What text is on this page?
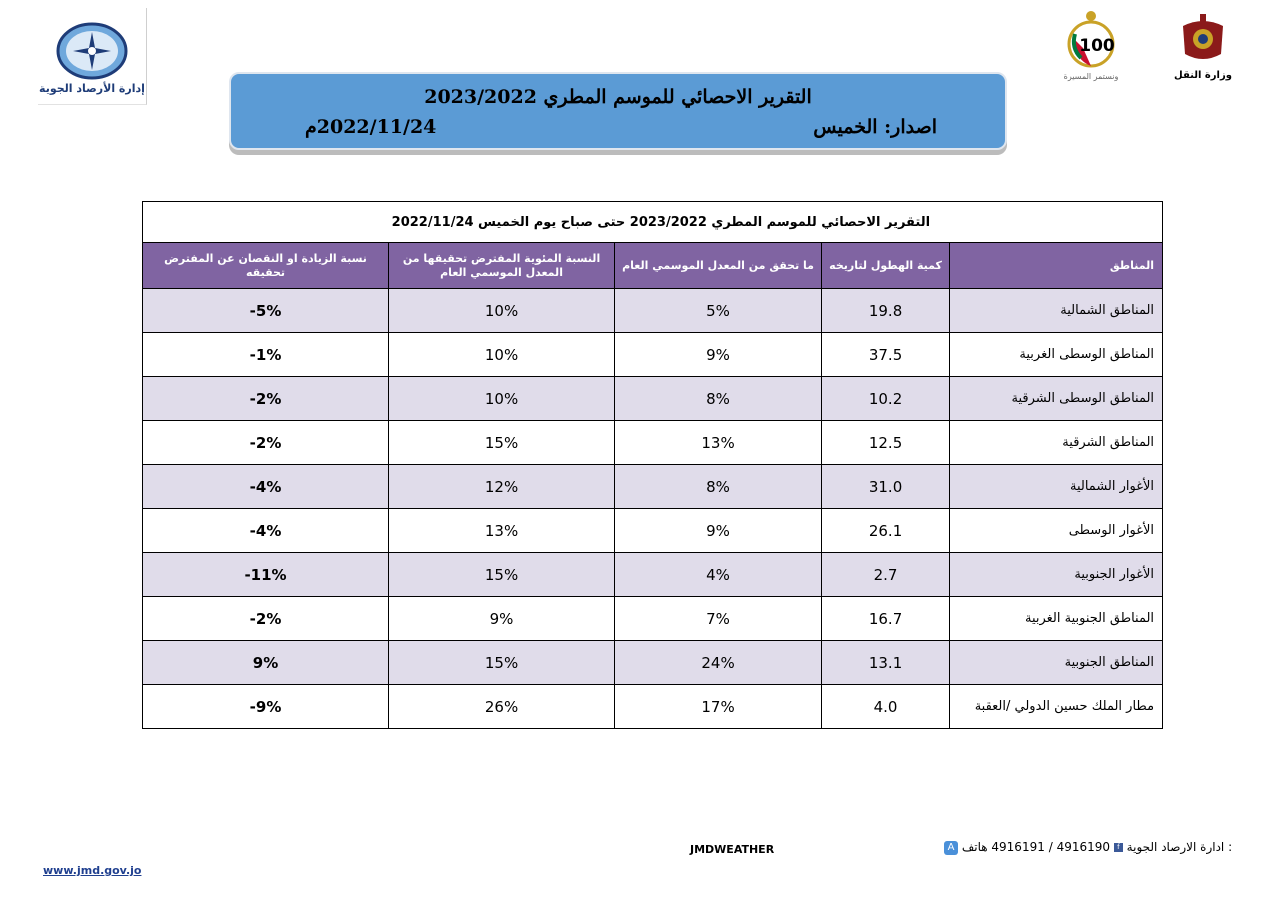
إدارة الأرصاد الجوية
100
ونستمر المسيرة	وزارة النقل
التقرير الاحصائي للموسم المطري 2023/2022
اصدار: الخميس
2022/11/24م
التقرير الاحصائي للموسم المطري 2023/2022 حتى صباح يوم الخميس 2022/11/24				
المناطق	كمية الهطول لتاريخه	ما تحقق من المعدل الموسمي العام	النسبة المئوية المفترض تحقيقها من المعدل الموسمي العام	نسبة الزيادة او النقصان عن المفترض تحقيقه
المناطق الشمالية	19.8	5%	10%	-5%
المناطق الوسطى الغربية	37.5	9%	10%	-1%
المناطق الوسطى الشرقية	10.2	8%	10%	-2%
المناطق الشرقية	12.5	13%	15%	-2%
الأغوار الشمالية	31.0	8%	12%	-4%
الأغوار الوسطى	26.1	9%	13%	-4%
الأغوار الجنوبية	2.7	4%	15%	-11%
المناطق الجنوبية الغربية	16.7	7%	9%	-2%
المناطق الجنوبية	13.1	24%	15%	9%
مطار الملك حسين الدولي /العقبة	4.0	17%	26%	-9%
JMDWEATHER	A	ادارة الارصاد الجوية f 4916190 / 4916191 هاتف :
www.jmd.gov.jo
